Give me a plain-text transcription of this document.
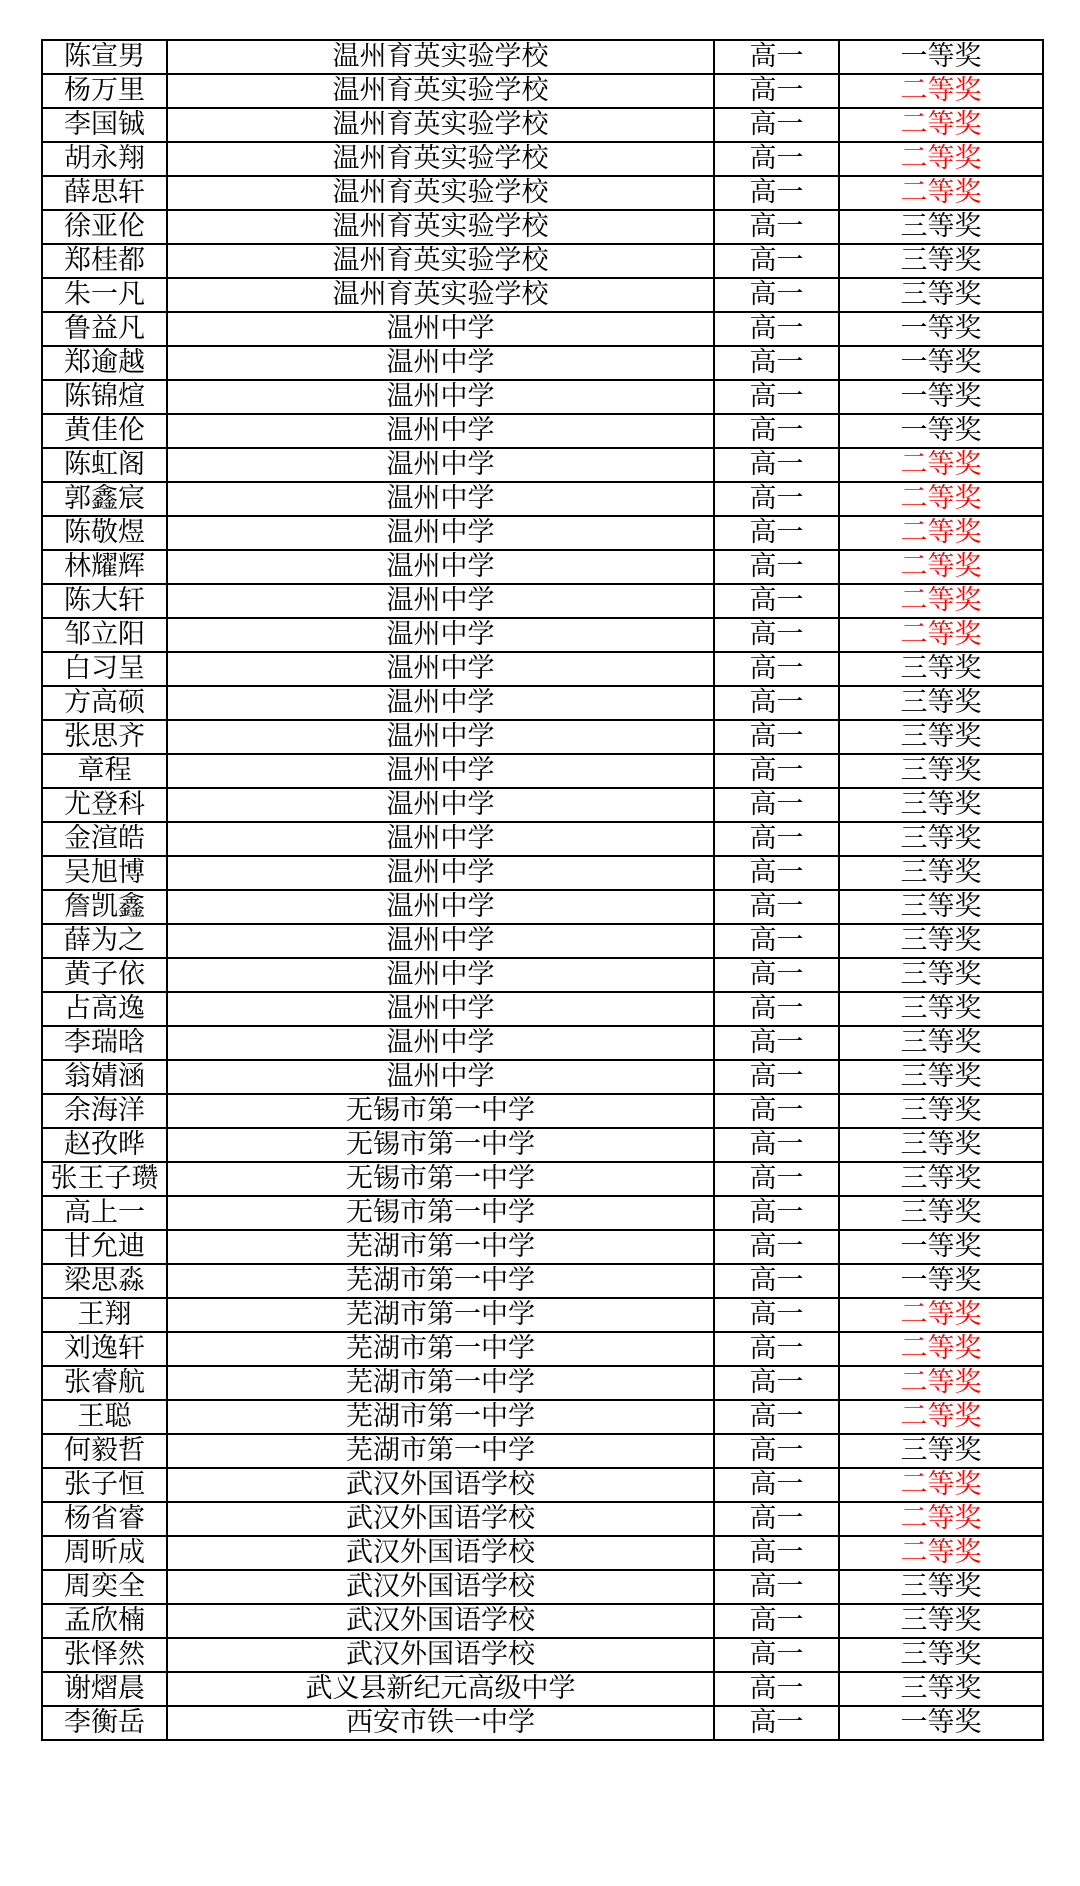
陈宣男	温州育英实验学校	高一	一等奖
杨万里	温州育英实验学校	高一	二等奖
李国铖	温州育英实验学校	高一	二等奖
胡永翔	温州育英实验学校	高一	二等奖
薛思轩	温州育英实验学校	高一	二等奖
徐亚伦	温州育英实验学校	高一	三等奖
郑桂都	温州育英实验学校	高一	三等奖
朱一凡	温州育英实验学校	高一	三等奖
鲁益凡	温州中学	高一	一等奖
郑逾越	温州中学	高一	一等奖
陈锦煊	温州中学	高一	一等奖
黄佳伦	温州中学	高一	一等奖
陈虹阁	温州中学	高一	二等奖
郭鑫宸	温州中学	高一	二等奖
陈敬煜	温州中学	高一	二等奖
林耀辉	温州中学	高一	二等奖
陈大轩	温州中学	高一	二等奖
邹立阳	温州中学	高一	二等奖
白习呈	温州中学	高一	三等奖
方高硕	温州中学	高一	三等奖
张思齐	温州中学	高一	三等奖
章程	温州中学	高一	三等奖
尤登科	温州中学	高一	三等奖
金渲皓	温州中学	高一	三等奖
吴旭博	温州中学	高一	三等奖
詹凯鑫	温州中学	高一	三等奖
薛为之	温州中学	高一	三等奖
黄子依	温州中学	高一	三等奖
占高逸	温州中学	高一	三等奖
李瑞晗	温州中学	高一	三等奖
翁婧涵	温州中学	高一	三等奖
余海洋	无锡市第一中学	高一	三等奖
赵孜晔	无锡市第一中学	高一	三等奖
张王子瓒	无锡市第一中学	高一	三等奖
高上一	无锡市第一中学	高一	三等奖
甘允迪	芜湖市第一中学	高一	一等奖
梁思淼	芜湖市第一中学	高一	一等奖
王翔	芜湖市第一中学	高一	二等奖
刘逸轩	芜湖市第一中学	高一	二等奖
张睿航	芜湖市第一中学	高一	二等奖
王聪	芜湖市第一中学	高一	二等奖
何毅哲	芜湖市第一中学	高一	三等奖
张子恒	武汉外国语学校	高一	二等奖
杨省睿	武汉外国语学校	高一	二等奖
周昕成	武汉外国语学校	高一	二等奖
周奕全	武汉外国语学校	高一	三等奖
孟欣楠	武汉外国语学校	高一	三等奖
张怿然	武汉外国语学校	高一	三等奖
谢熠晨	武义县新纪元高级中学	高一	三等奖
李衡岳	西安市铁一中学	高一	一等奖
